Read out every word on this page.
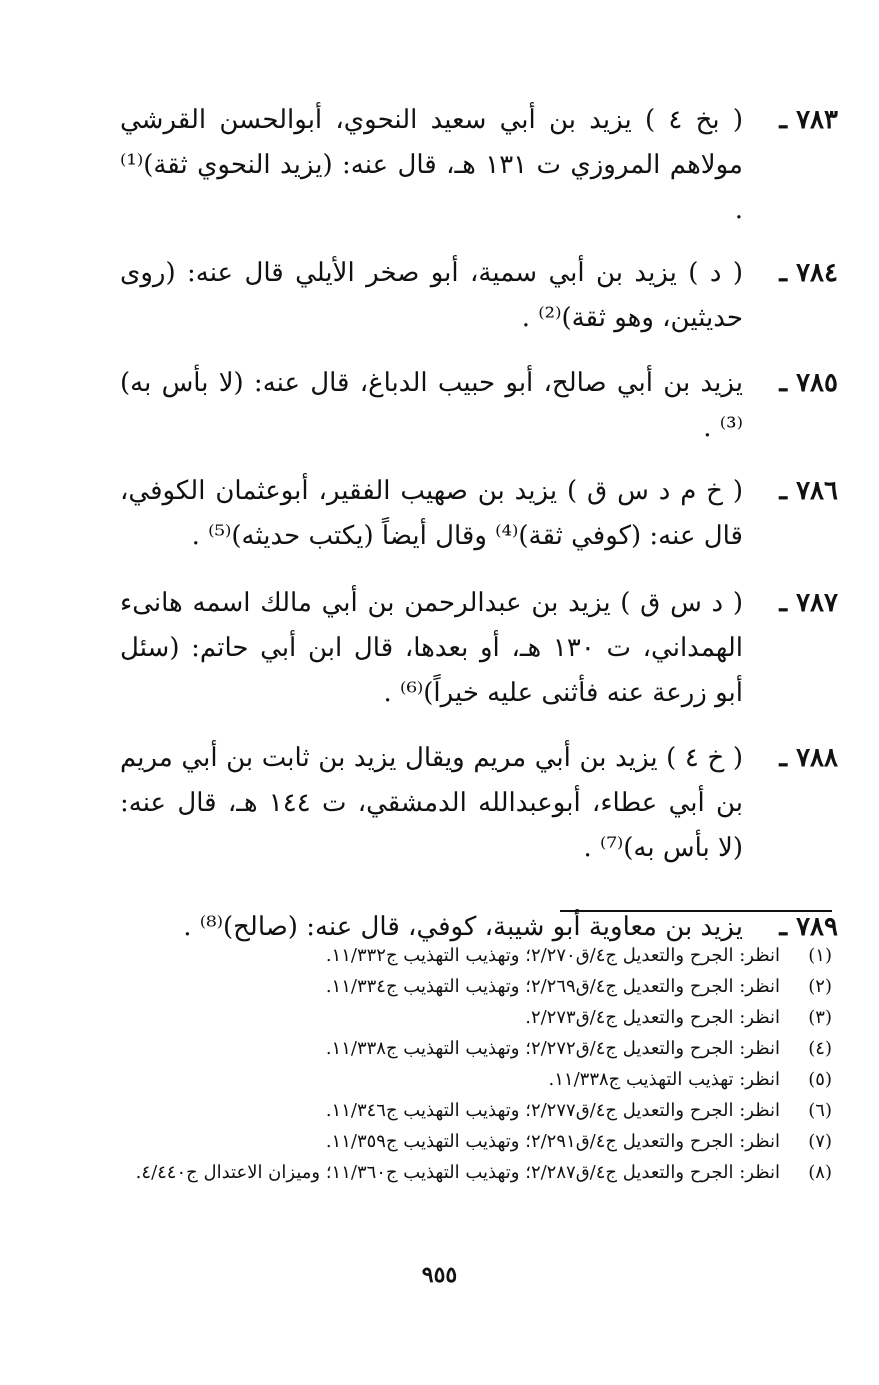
٧٨٣ ـ
( بخ ٤ ) يزيد بن أبي سعيد النحوي، أبوالحسن القرشي مولاهم المروزي ت ١٣١ هـ، قال عنه: (يزيد النحوي ثقة)⁽¹⁾ .
٧٨٤ ـ
( د ) يزيد بن أبي سمية، أبو صخر الأيلي قال عنه: (روى حديثين، وهو ثقة)⁽²⁾ .
٧٨٥ ـ
يزيد بن أبي صالح، أبو حبيب الدباغ، قال عنه: (لا بأس به)⁽³⁾ .
٧٨٦ ـ
( خ م د س ق ) يزيد بن صهيب الفقير، أبوعثمان الكوفي، قال عنه: (كوفي ثقة)⁽⁴⁾ وقال أيضاً (يكتب حديثه)⁽⁵⁾ .
٧٨٧ ـ
( د س ق ) يزيد بن عبدالرحمن بن أبي مالك اسمه هانىء الهمداني، ت ١٣٠ هـ، أو بعدها، قال ابن أبي حاتم: (سئل أبو زرعة عنه فأثنى عليه خيراً)⁽⁶⁾ .
٧٨٨ ـ
( خ ٤ ) يزيد بن أبي مريم ويقال يزيد بن ثابت بن أبي مريم بن أبي عطاء، أبوعبدالله الدمشقي، ت ١٤٤ هـ، قال عنه: (لا بأس به)⁽⁷⁾ .
٧٨٩ ـ
يزيد بن معاوية أبو شيبة، كوفي، قال عنه: (صالح)⁽⁸⁾ .
(١)
انظر: الجرح والتعديل ج٤/ق٢/٢٧٠؛ وتهذيب التهذيب ج١١/٣٣٢.
(٢)
انظر: الجرح والتعديل ج٤/ق٢/٢٦٩؛ وتهذيب التهذيب ج١١/٣٣٤.
(٣)
انظر: الجرح والتعديل ج٤/ق٢/٢٧٣.
(٤)
انظر: الجرح والتعديل ج٤/ق٢/٢٧٢؛ وتهذيب التهذيب ج١١/٣٣٨.
(٥)
انظر: تهذيب التهذيب ج١١/٣٣٨.
(٦)
انظر: الجرح والتعديل ج٤/ق٢/٢٧٧؛ وتهذيب التهذيب ج١١/٣٤٦.
(٧)
انظر: الجرح والتعديل ج٤/ق٢/٢٩١؛ وتهذيب التهذيب ج١١/٣٥٩.
(٨)
انظر: الجرح والتعديل ج٤/ق٢/٢٨٧؛ وتهذيب التهذيب ج١١/٣٦٠؛ وميزان الاعتدال ج٤/٤٤٠.
٩٥٥
